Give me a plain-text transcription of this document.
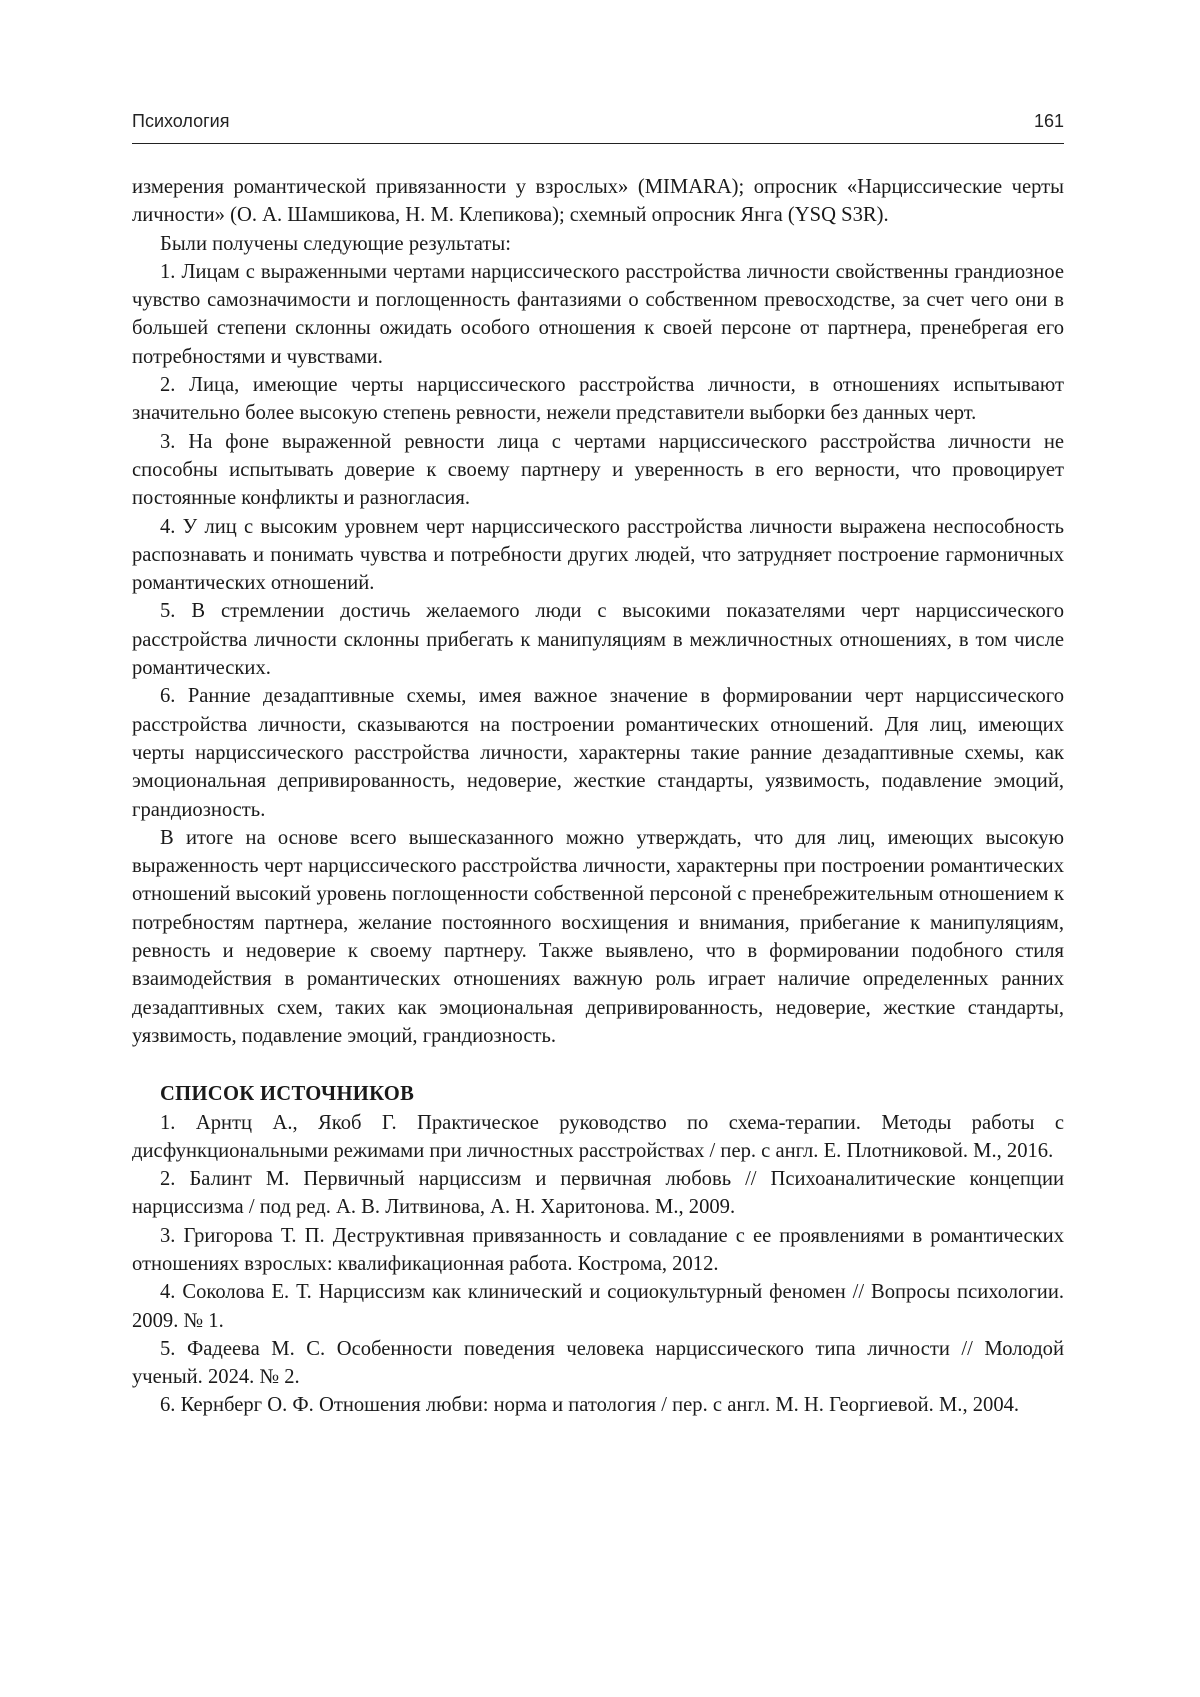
Психология	161

измерения романтической привязанности у взрослых» (MIMARA); опросник «Нарциссические черты личности» (О. А. Шамшикова, Н. М. Клепикова); схемный опросник Янга (YSQ S3R).

Были получены следующие результаты:

1. Лицам с выраженными чертами нарциссического расстройства личности свойственны грандиозное чувство самозначимости и поглощенность фантазиями о собственном превосходстве, за счет чего они в большей степени склонны ожидать особого отношения к своей персоне от партнера, пренебрегая его потребностями и чувствами.

2. Лица, имеющие черты нарциссического расстройства личности, в отношениях испытывают значительно более высокую степень ревности, нежели представители выборки без данных черт.

3. На фоне выраженной ревности лица с чертами нарциссического расстройства личности не способны испытывать доверие к своему партнеру и уверенность в его верности, что провоцирует постоянные конфликты и разногласия.

4. У лиц с высоким уровнем черт нарциссического расстройства личности выражена неспособность распознавать и понимать чувства и потребности других людей, что затрудняет построение гармоничных романтических отношений.

5. В стремлении достичь желаемого люди с высокими показателями черт нарциссического расстройства личности склонны прибегать к манипуляциям в межличностных отношениях, в том числе романтических.

6. Ранние дезадаптивные схемы, имея важное значение в формировании черт нарциссического расстройства личности, сказываются на построении романтических отношений. Для лиц, имеющих черты нарциссического расстройства личности, характерны такие ранние дезадаптивные схемы, как эмоциональная депривированность, недоверие, жесткие стандарты, уязвимость, подавление эмоций, грандиозность.

В итоге на основе всего вышесказанного можно утверждать, что для лиц, имеющих высокую выраженность черт нарциссического расстройства личности, характерны при построении романтических отношений высокий уровень поглощенности собственной персоной с пренебрежительным отношением к потребностям партнера, желание постоянного восхищения и внимания, прибегание к манипуляциям, ревность и недоверие к своему партнеру. Также выявлено, что в формировании подобного стиля взаимодействия в романтических отношениях важную роль играет наличие определенных ранних дезадаптивных схем, таких как эмоциональная депривированность, недоверие, жесткие стандарты, уязвимость, подавление эмоций, грандиозность.

СПИСОК ИСТОЧНИКОВ

1. Арнтц А., Якоб Г. Практическое руководство по схема-терапии. Методы работы с дисфункциональными режимами при личностных расстройствах / пер. с англ. Е. Плотниковой. М., 2016.

2. Балинт М. Первичный нарциссизм и первичная любовь // Психоаналитические концепции нарциссизма / под ред. А. В. Литвинова, А. Н. Харитонова. М., 2009.

3. Григорова Т. П. Деструктивная привязанность и совладание с ее проявлениями в романтических отношениях взрослых: квалификационная работа. Кострома, 2012.

4. Соколова Е. Т. Нарциссизм как клинический и социокультурный феномен // Вопросы психологии. 2009. № 1.

5. Фадеева М. С. Особенности поведения человека нарциссического типа личности // Молодой ученый. 2024. № 2.

6. Кернберг О. Ф. Отношения любви: норма и патология / пер. с англ. М. Н. Георгиевой. М., 2004.
